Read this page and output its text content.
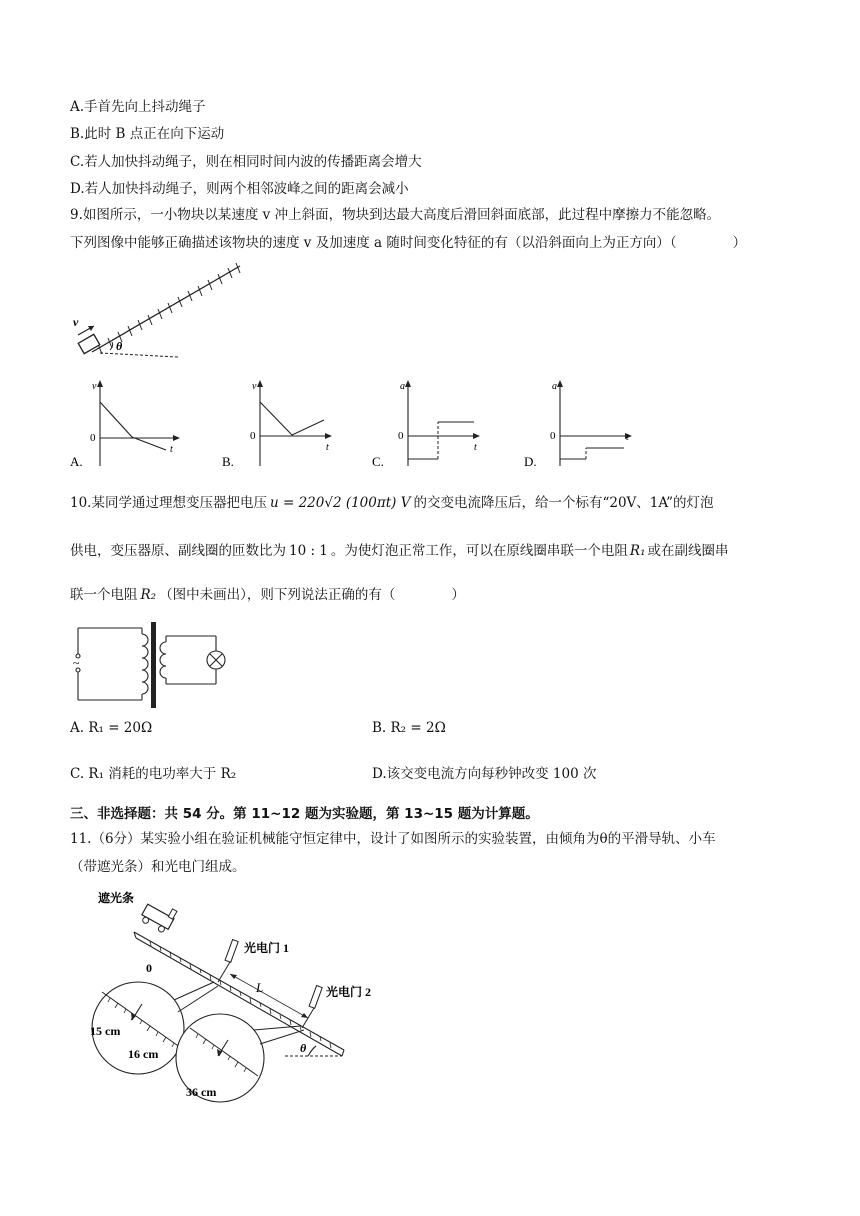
A.手首先向上抖动绳子
B.此时 B 点正在向下运动
C.若人加快抖动绳子，则在相同时间内波的传播距离会增大
D.若人加快抖动绳子，则两个相邻波峰之间的距离会减小
9.如图所示，一小物块以某速度 v 冲上斜面，物块到达最大高度后滑回斜面底部，此过程中摩擦力不能忽略。
下列图像中能够正确描述该物块的速度 v 及加速度 a 随时间变化特征的有（以沿斜面向上为正方向）（	）
v
θ
v
0
t
A.
v
0
t
B.
a
0
t
C.
a
0	t
D.
10.某同学通过理想变压器把电压 u = 220√2 (100πt) V 的交变电流降压后，给一个标有“20V、1A”的灯泡
供电，变压器原、副线圈的匝数比为 10 : 1 。为使灯泡正常工作，可以在原线圈串联一个电阻 R₁ 或在副线圈串
联一个电阻 R₂ （图中未画出），则下列说法正确的有（	）
~
A. R₁ = 20Ω	B. R₂ = 2Ω
C. R₁ 消耗的电功率大于 R₂	D.该交变电流方向每秒钟改变 100 次
三、非选择题：共 54 分。第 11~12 题为实验题，第 13~15 题为计算题。
11.（6分）某实验小组在验证机械能守恒定律中，设计了如图所示的实验装置，由倾角为θ的平滑导轨、小车
（带遮光条）和光电门组成。
遮光条
0
光电门 1
光电门 2
L
θ
15 cm
16 cm
36 cm
